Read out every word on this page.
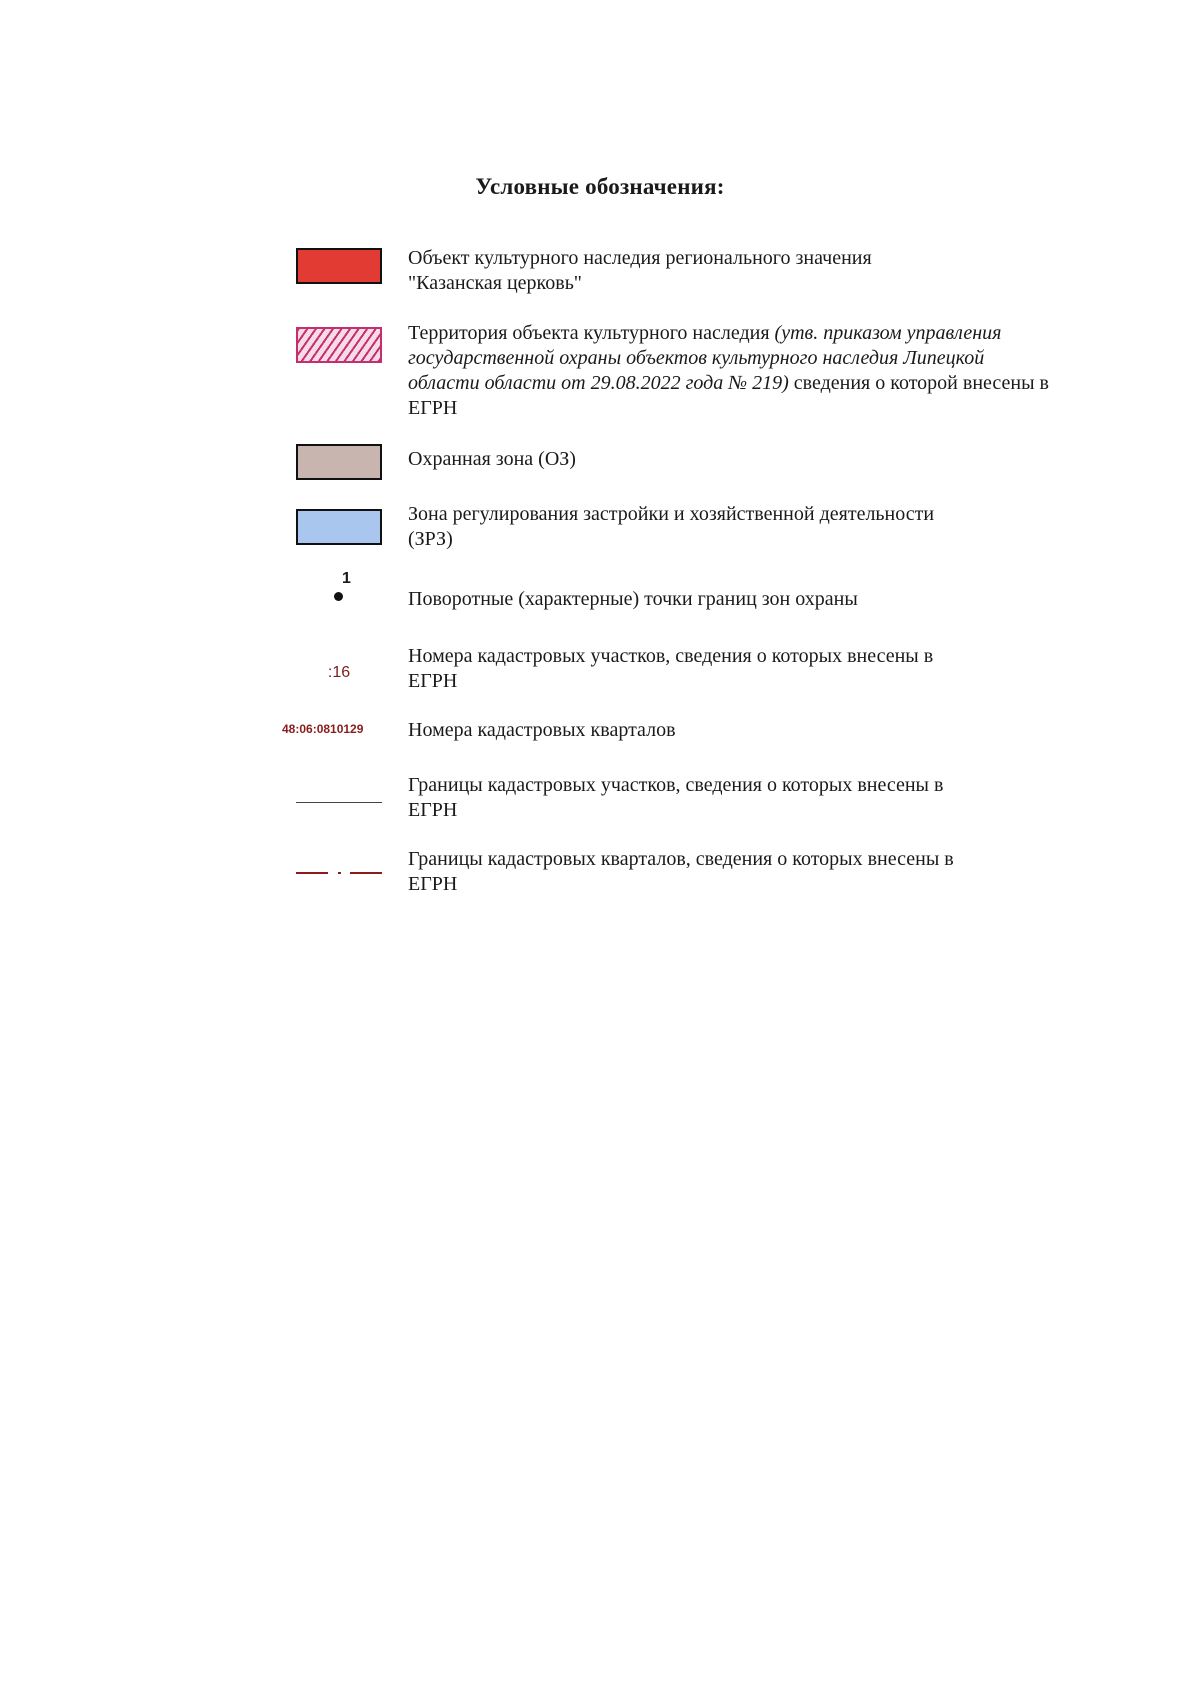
Условные обозначения:
Объект культурного наследия регионального значения
"Казанская церковь"
Территория объекта культурного наследия (утв. приказом управления государственной охраны объектов культурного наследия Липецкой области области от 29.08.2022 года № 219) сведения о которой внесены в ЕГРН
Охранная зона (ОЗ)
Зона регулирования застройки и хозяйственной деятельности
(ЗРЗ)
1
Поворотные (характерные) точки границ зон охраны
:16
Номера кадастровых участков, сведения о которых внесены в
ЕГРН
48:06:0810129	Номера кадастровых кварталов
Границы кадастровых участков, сведения о которых внесены в
ЕГРН
Границы кадастровых кварталов, сведения о которых внесены в
ЕГРН
